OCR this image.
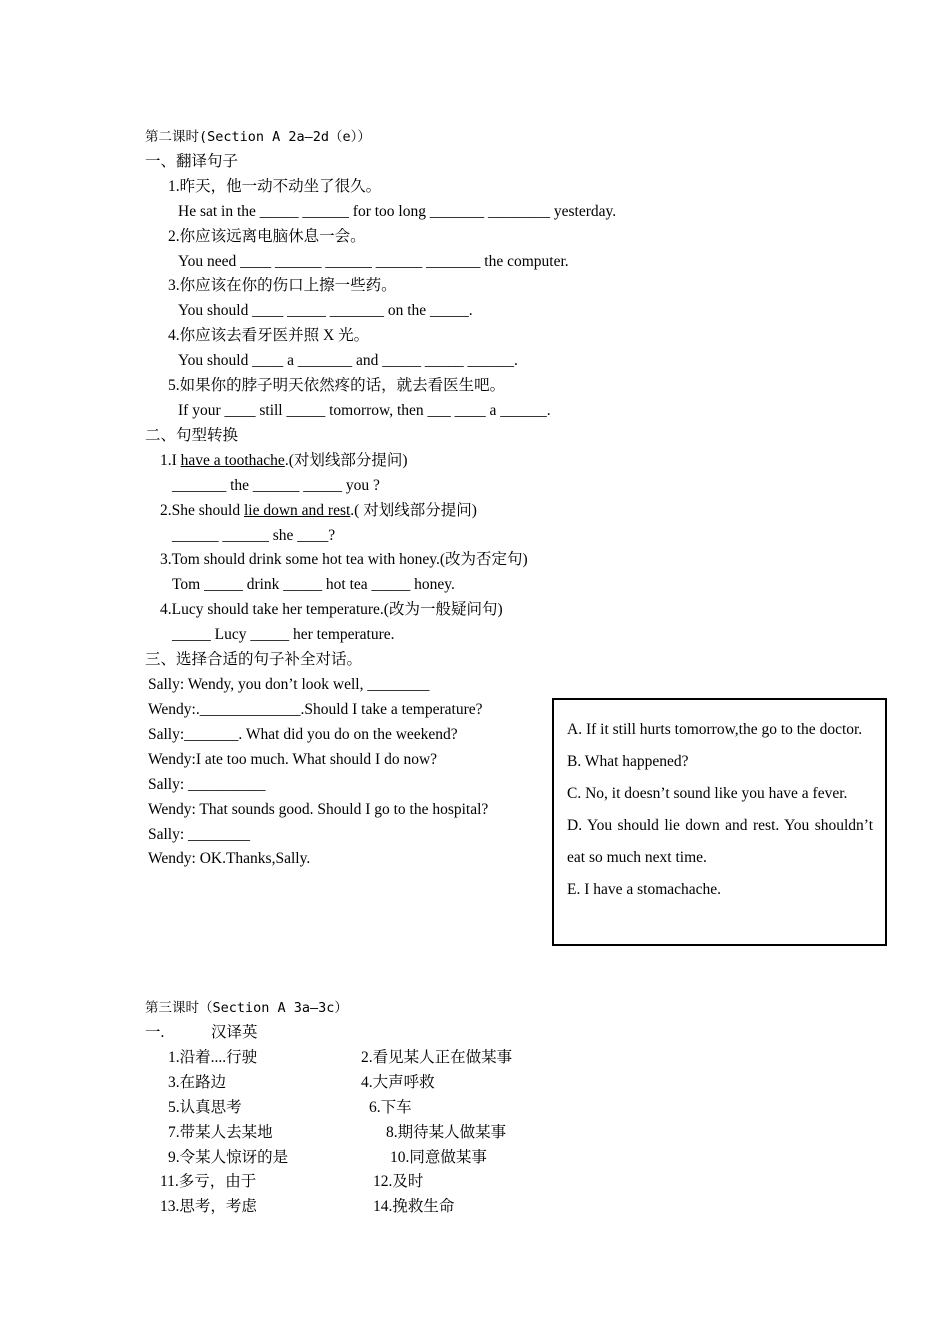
第二课时(Section A 2a—2d（e））
一、翻译句子
1.昨天，他一动不动坐了很久。
He sat in the _____ ______ for too long _______ ________ yesterday.
2.你应该远离电脑休息一会。
You need ____ ______ ______ ______ _______ the computer.
3.你应该在你的伤口上擦一些药。
You should ____ _____ _______ on the _____.
4.你应该去看牙医并照 X 光。
You should ____ a _______ and _____ _____ ______.
5.如果你的脖子明天依然疼的话，就去看医生吧。
If your ____ still _____ tomorrow, then ___ ____ a ______.
二、句型转换
1.I have a toothache.(对划线部分提问)
_______ the ______ _____ you ?
2.She should lie down and rest.( 对划线部分提问)
______ ______ she ____?
3.Tom should drink some hot tea with honey.(改为否定句)
Tom _____ drink _____ hot tea _____ honey.
4.Lucy should take her temperature.(改为一般疑问句)
_____ Lucy _____ her temperature.
三、选择合适的句子补全对话。
Sally: Wendy, you don’t look well, ________
Wendy:._____________.Should I take a temperature?
Sally:_______. What did you do on the weekend?
Wendy:I ate too much. What should I do now?
Sally: __________
Wendy: That sounds good. Should I go to the hospital?
Sally: ________
Wendy: OK.Thanks,Sally.
A. If it still hurts tomorrow,the go to the doctor.
B. What happened?
C. No, it doesn’t sound like you have a fever.
D. You should lie down and rest. You shouldn’t eat so much next time.
E. I have a stomachache.
第三课时（Section A 3a—3c）
一.	汉译英
1.沿着....行驶	2.看见某人正在做某事
3.在路边	4.大声呼救
5.认真思考	6.下车
7.带某人去某地	8.期待某人做某事
9.令某人惊讶的是	10.同意做某事
11.多亏，由于	12.及时
13.思考，考虑	14.挽救生命
